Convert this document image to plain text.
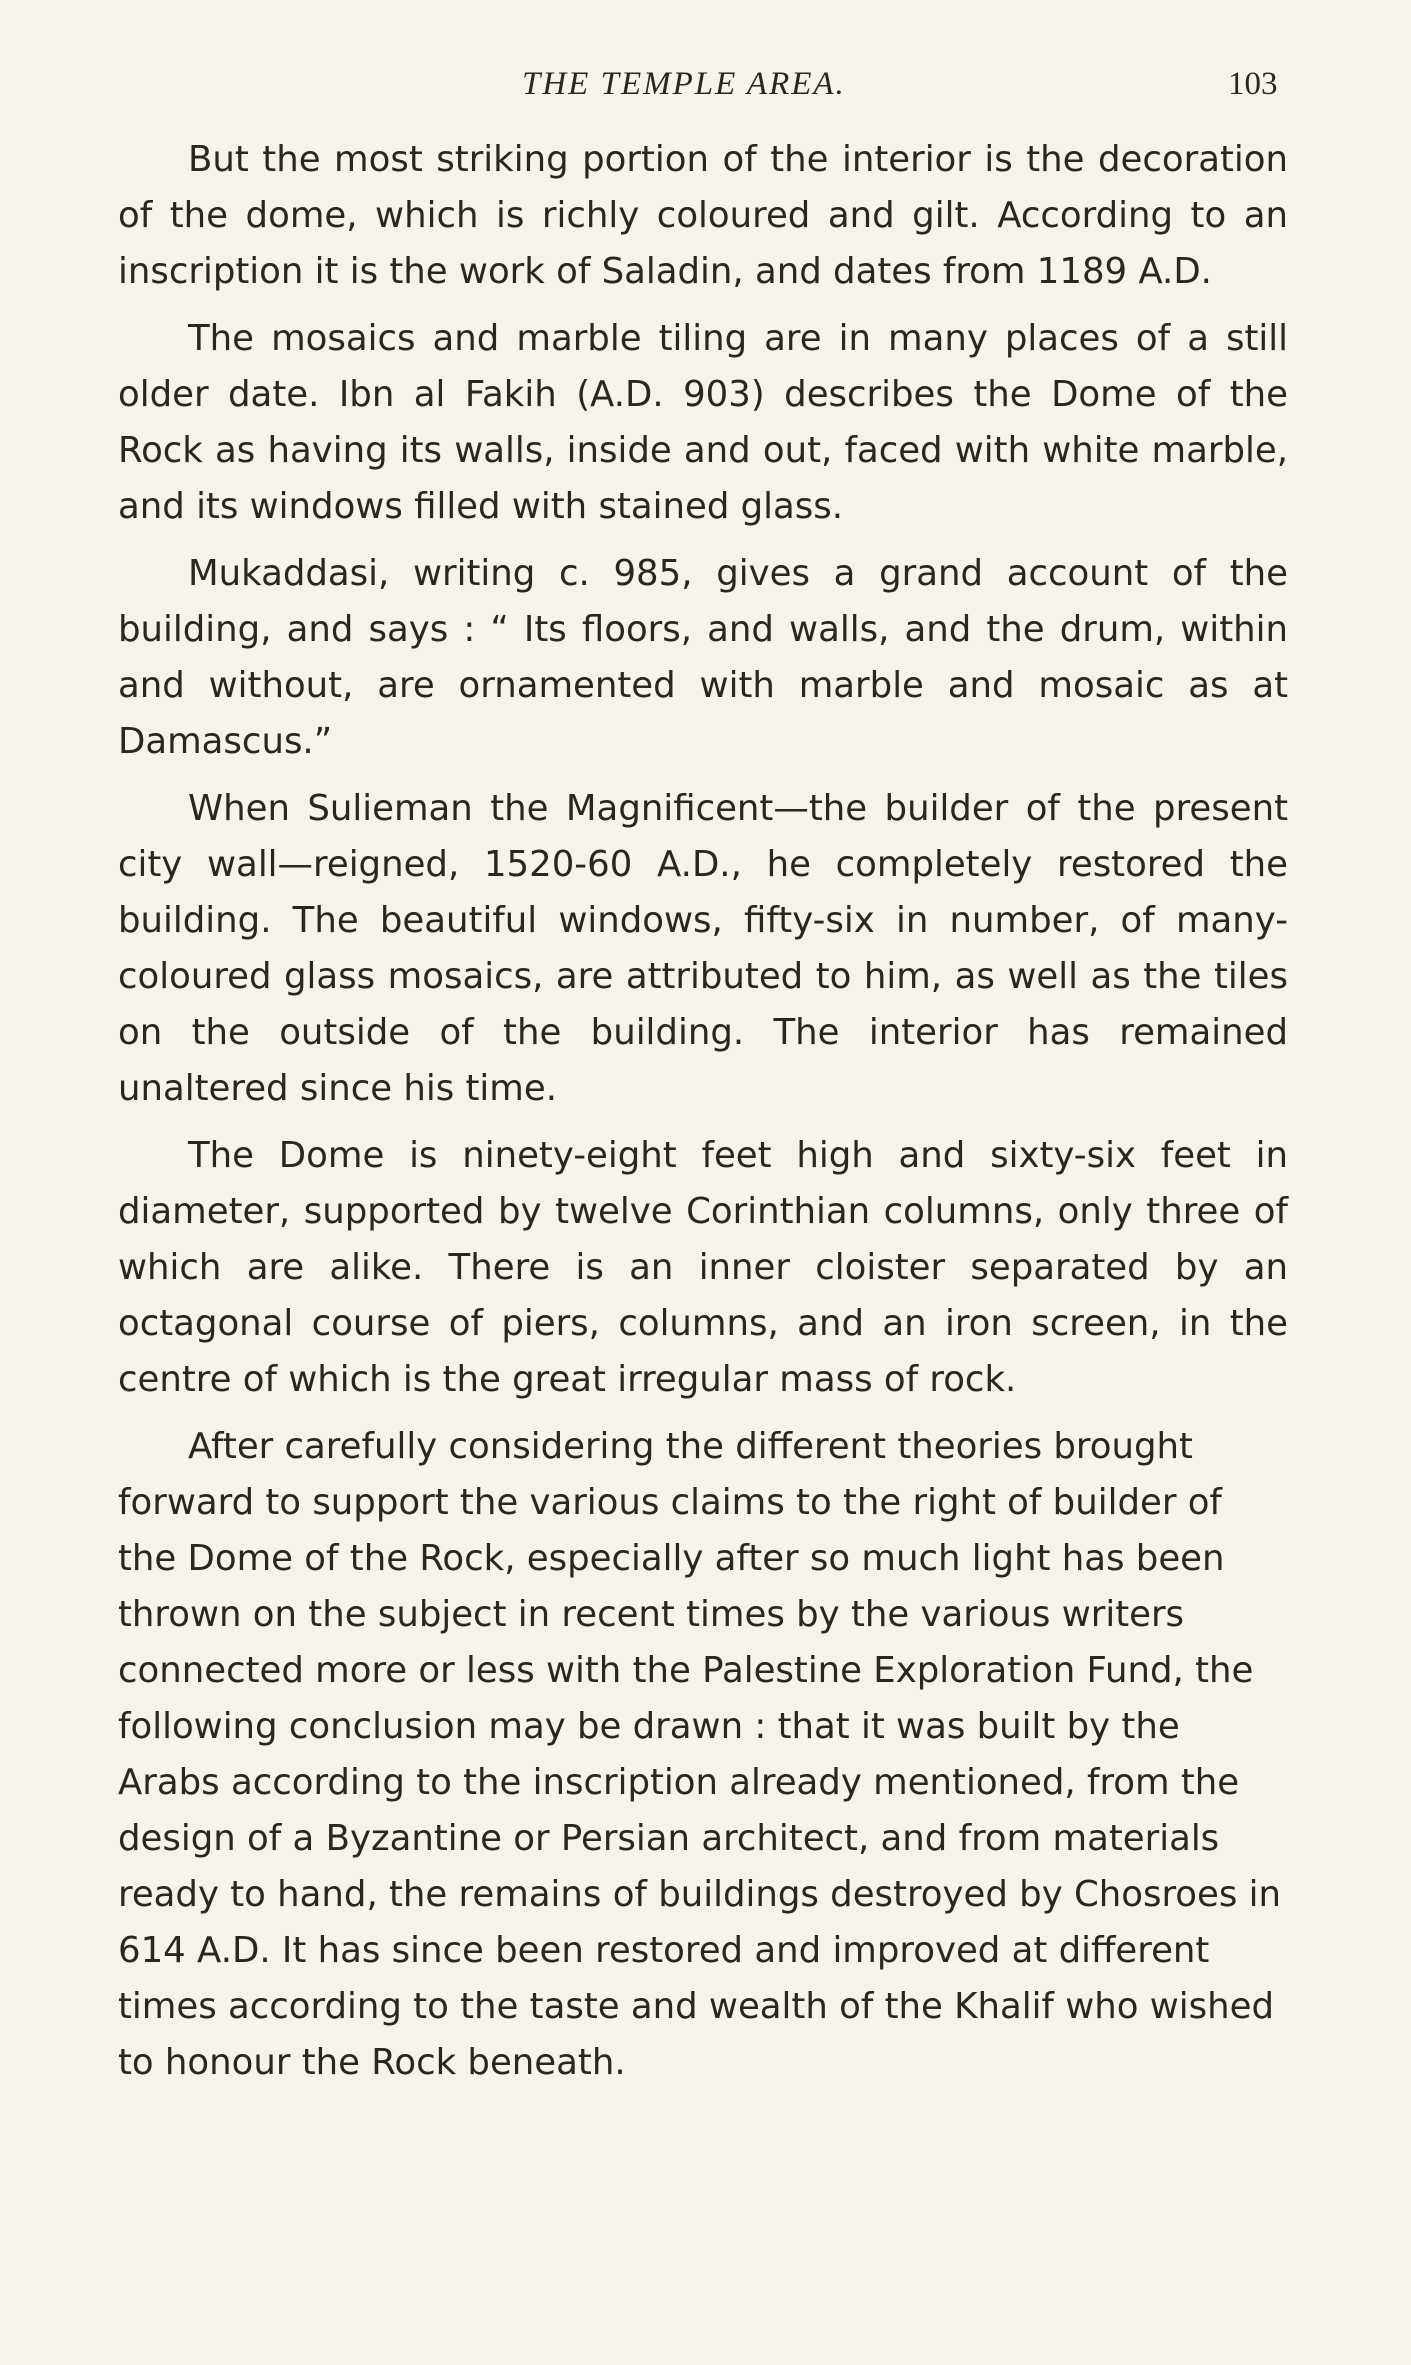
THE TEMPLE AREA.	103

But the most striking portion of the interior is the decoration of the dome, which is richly coloured and gilt. According to an inscription it is the work of Saladin, and dates from 1189 A.D.

The mosaics and marble tiling are in many places of a still older date. Ibn al Fakih (A.D. 903) describes the Dome of the Rock as having its walls, inside and out, faced with white marble, and its windows filled with stained glass.

Mukaddasi, writing c. 985, gives a grand account of the building, and says : “ Its floors, and walls, and the drum, within and without, are ornamented with marble and mosaic as at Damascus.”

When Sulieman the Magnificent—the builder of the present city wall—reigned, 1520-60 A.D., he completely restored the building. The beautiful windows, fifty-six in number, of many-coloured glass mosaics, are attributed to him, as well as the tiles on the outside of the building. The interior has remained unaltered since his time.

The Dome is ninety-eight feet high and sixty-six feet in diameter, supported by twelve Corinthian columns, only three of which are alike. There is an inner cloister separated by an octagonal course of piers, columns, and an iron screen, in the centre of which is the great irregular mass of rock.

After carefully considering the different theories brought forward to support the various claims to the right of builder of the Dome of the Rock, especially after so much light has been thrown on the subject in recent times by the various writers connected more or less with the Palestine Exploration Fund, the following conclusion may be drawn : that it was built by the Arabs according to the inscription already mentioned, from the design of a Byzantine or Persian architect, and from materials ready to hand, the remains of buildings destroyed by Chosroes in 614 A.D. It has since been restored and improved at different times according to the taste and wealth of the Khalif who wished to honour the Rock beneath.
